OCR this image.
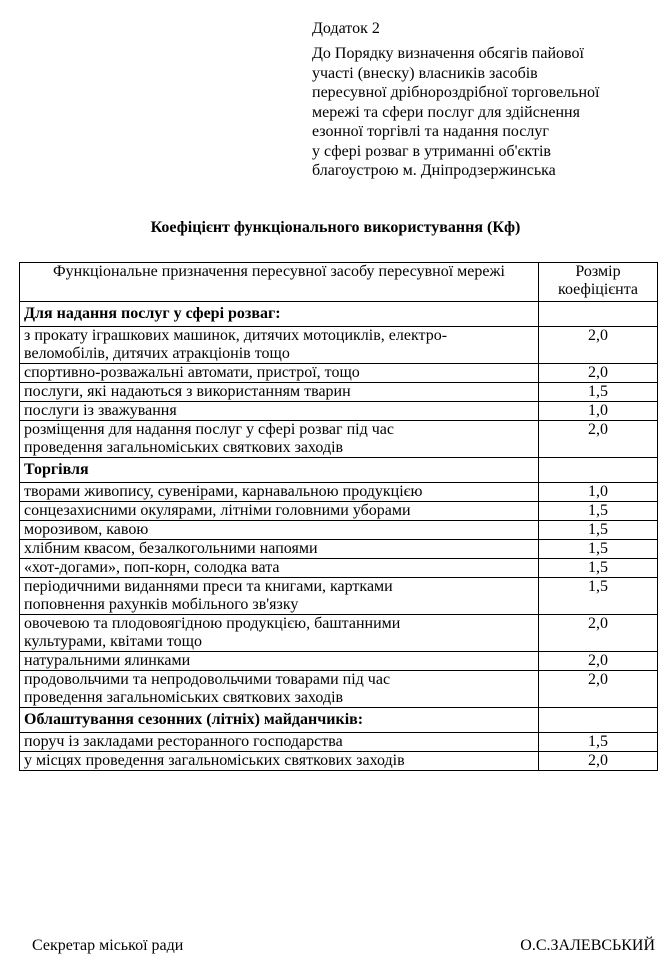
Додаток 2
До Порядку визначення обсягів пайової
участі (внеску) власників засобів
пересувної дрібнороздрібної торговельної
мережі та сфери послуг для здійснення
езонної торгівлі та надання послуг
у сфері розваг в утриманні об'єктів
благоустрою м. Дніпродзержинська
Коефіцієнт функціонального використування (Кф)
Функціональне призначення пересувної засобу пересувної мережі	Розмір
коефіцієнта
Для надання послуг у сфері розваг:	
з прокату іграшкових машинок, дитячих мотоциклів, електро-
веломобілів, дитячих атракціонів тощо	2,0
спортивно-розважальні автомати, пристрої, тощо	2,0
послуги, які надаються з використанням тварин	1,5
послуги із зважування	1,0
розміщення для надання послуг у сфері розваг під час
проведення загальноміських святкових заходів	2,0
Торгівля	
творами живопису, сувенірами, карнавальною продукцією	1,0
сонцезахисними окулярами, літніми головними уборами	1,5
морозивом, кавою	1,5
хлібним квасом, безалкогольними напоями	1,5
«хот-догами», поп-корн, солодка вата	1,5
періодичними виданнями преси та книгами, картками
поповнення рахунків мобільного зв'язку	1,5
овочевою та плодовоягідною продукцією, баштанними
культурами, квітами тощо	2,0
натуральними ялинками	2,0
продовольчими та непродовольчими товарами під час
проведення загальноміських святкових заходів	2,0
Облаштування сезонних (літніх) майданчиків:	
поруч із закладами ресторанного господарства	1,5
у місцях проведення загальноміських святкових заходів	2,0
Секретар міської ради	О.С.ЗАЛЕВСЬКИЙ
